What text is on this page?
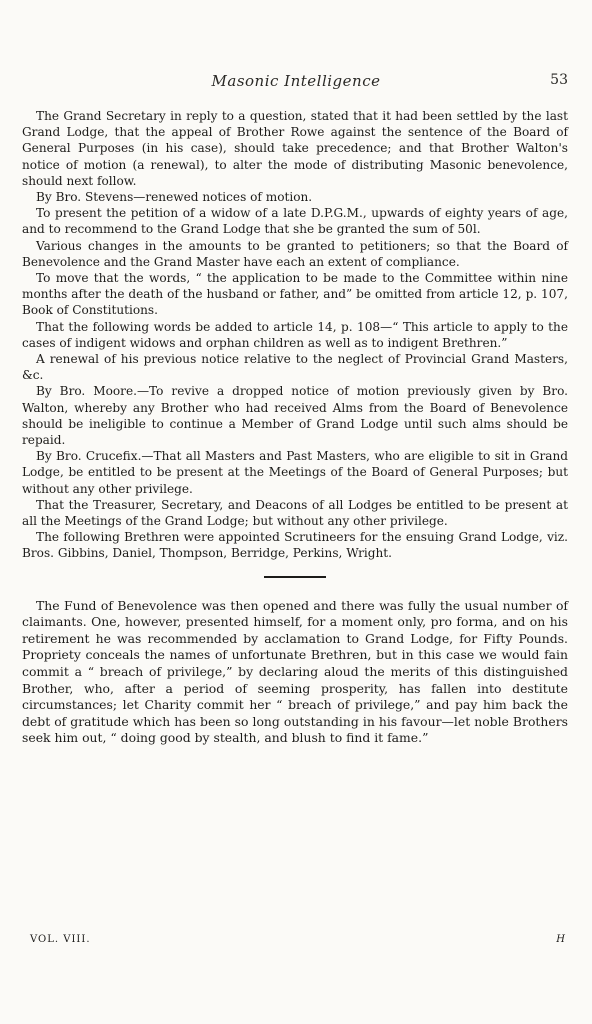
Masonic Intelligence	53

The Grand Secretary in reply to a question, stated that it had been settled by the last Grand Lodge, that the appeal of Brother Rowe against the sentence of the Board of General Purposes (in his case), should take precedence; and that Brother Walton's notice of motion (a renewal), to alter the mode of distributing Masonic benevolence, should next follow.

By Bro. Stevens—renewed notices of motion.

To present the petition of a widow of a late D.P.G.M., upwards of eighty years of age, and to recommend to the Grand Lodge that she be granted the sum of 50l.

Various changes in the amounts to be granted to petitioners; so that the Board of Benevolence and the Grand Master have each an extent of compliance.

To move that the words, “ the application to be made to the Committee within nine months after the death of the husband or father, and” be omitted from article 12, p. 107, Book of Constitutions.

That the following words be added to article 14, p. 108—“ This article to apply to the cases of indigent widows and orphan children as well as to indigent Brethren.”

A renewal of his previous notice relative to the neglect of Provincial Grand Masters, &c.

By Bro. Moore.—To revive a dropped notice of motion previously given by Bro. Walton, whereby any Brother who had received Alms from the Board of Benevolence should be ineligible to continue a Member of Grand Lodge until such alms should be repaid.

By Bro. Crucefix.—That all Masters and Past Masters, who are eligible to sit in Grand Lodge, be entitled to be present at the Meetings of the Board of General Purposes; but without any other privilege.

That the Treasurer, Secretary, and Deacons of all Lodges be entitled to be present at all the Meetings of the Grand Lodge; but without any other privilege.

The following Brethren were appointed Scrutineers for the ensuing Grand Lodge, viz. Bros. Gibbins, Daniel, Thompson, Berridge, Perkins, Wright.

The Fund of Benevolence was then opened and there was fully the usual number of claimants. One, however, presented himself, for a moment only, pro forma, and on his retirement he was recommended by acclamation to Grand Lodge, for Fifty Pounds. Propriety conceals the names of unfortunate Brethren, but in this case we would fain commit a “ breach of privilege,” by declaring aloud the merits of this distinguished Brother, who, after a period of seeming prosperity, has fallen into destitute circumstances; let Charity commit her “ breach of privilege,” and pay him back the debt of gratitude which has been so long outstanding in his favour—let noble Brothers seek him out, “ doing good by stealth, and blush to find it fame.”

VOL. VIII.	H
